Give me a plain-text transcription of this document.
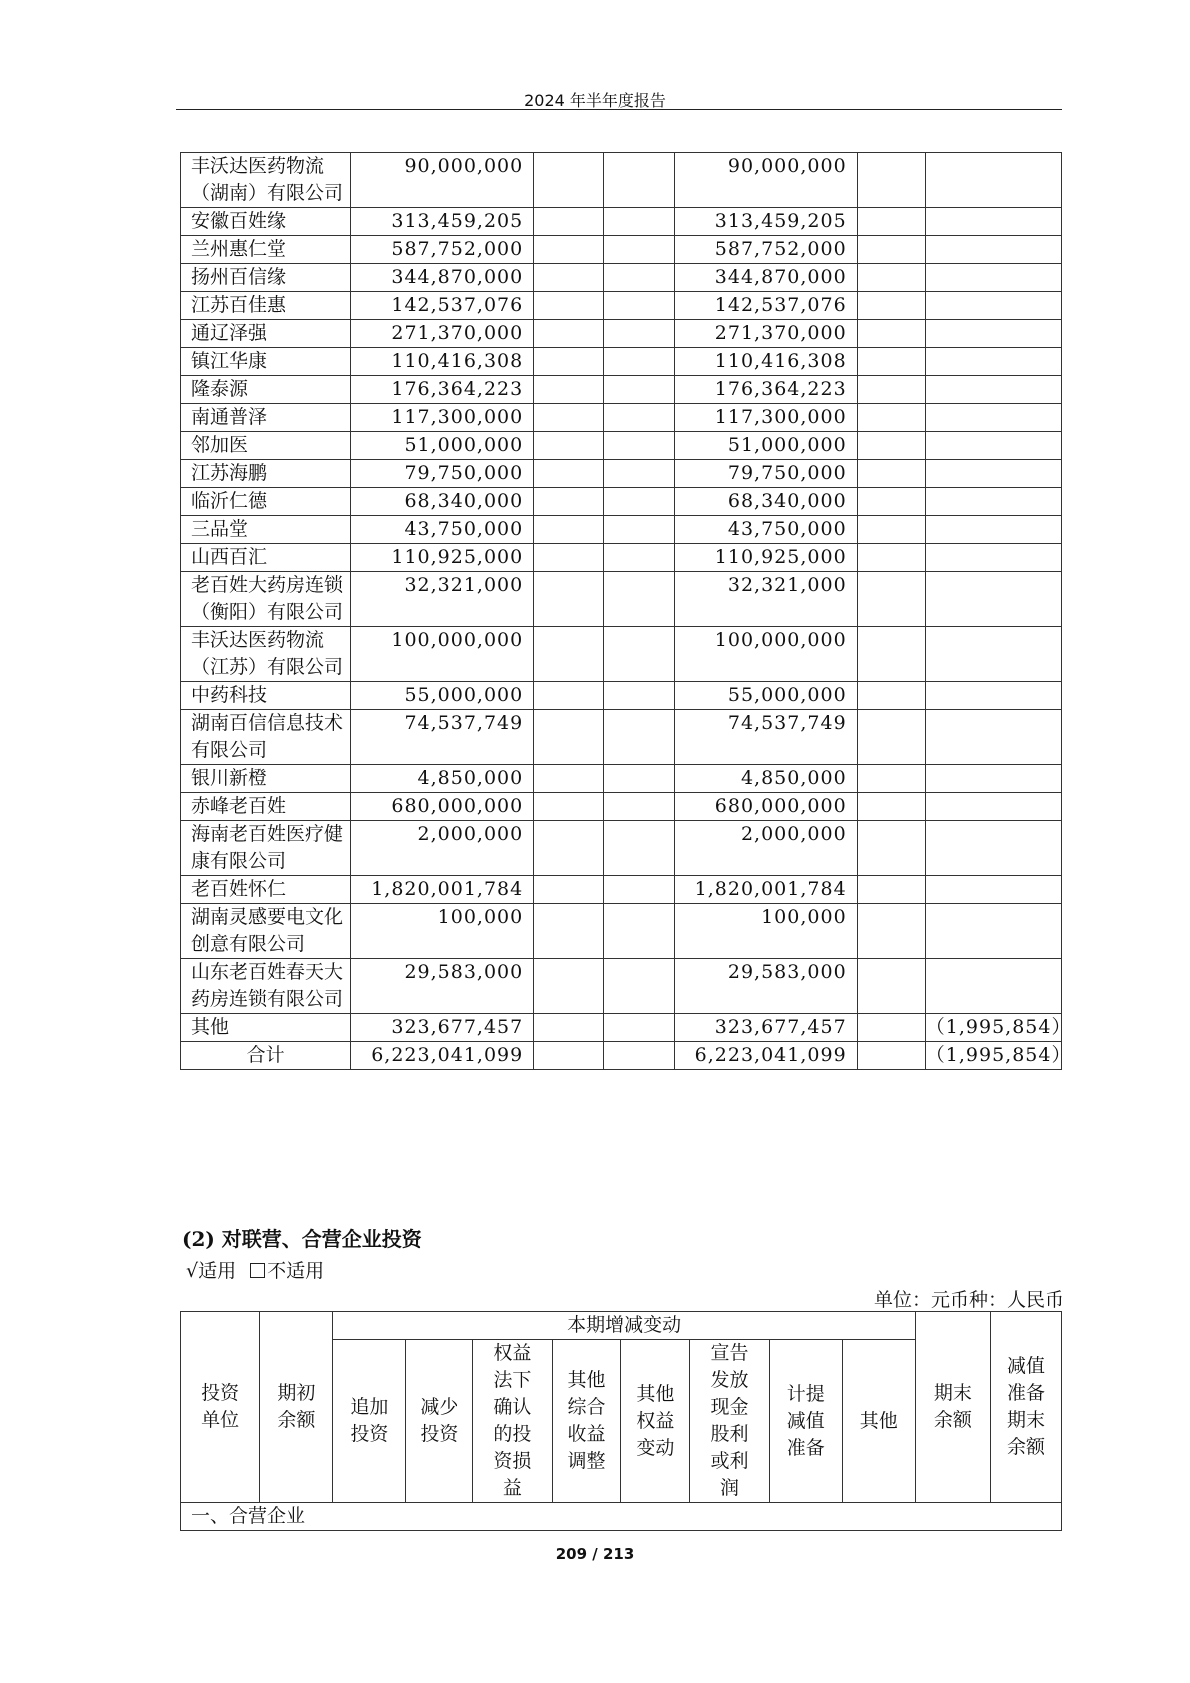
2024 年半年度报告
丰沃达医药物流（湖南）有限公司	90,000,000			90,000,000		
安徽百姓缘	313,459,205			313,459,205		
兰州惠仁堂	587,752,000			587,752,000		
扬州百信缘	344,870,000			344,870,000		
江苏百佳惠	142,537,076			142,537,076		
通辽泽强	271,370,000			271,370,000		
镇江华康	110,416,308			110,416,308		
隆泰源	176,364,223			176,364,223		
南通普泽	117,300,000			117,300,000		
邻加医	51,000,000			51,000,000		
江苏海鹏	79,750,000			79,750,000		
临沂仁德	68,340,000			68,340,000		
三品堂	43,750,000			43,750,000		
山西百汇	110,925,000			110,925,000		
老百姓大药房连锁（衡阳）有限公司	32,321,000			32,321,000		
丰沃达医药物流（江苏）有限公司	100,000,000			100,000,000		
中药科技	55,000,000			55,000,000		
湖南百信信息技术有限公司	74,537,749			74,537,749		
银川新橙	4,850,000			4,850,000		
赤峰老百姓	680,000,000			680,000,000		
海南老百姓医疗健康有限公司	2,000,000			2,000,000		
老百姓怀仁	1,820,001,784			1,820,001,784		
湖南灵感要电文化创意有限公司	100,000			100,000		
山东老百姓春天大药房连锁有限公司	29,583,000			29,583,000		
其他	323,677,457			323,677,457		（1,995,854）
合计	6,223,041,099			6,223,041,099		（1,995,854）
(2) 对联营、合营企业投资
√适用 不适用
单位：元币种：人民币
投资单位	期初余额	本期增减变动								期末余额	减值准备期末余额

		追加投资	减少投资	权益法下确认的投资损益	其他综合收益调整	其他权益变动	宣告发放现金股利或利润	计提减值准备	其他		

一、合营企业											
209 / 213
